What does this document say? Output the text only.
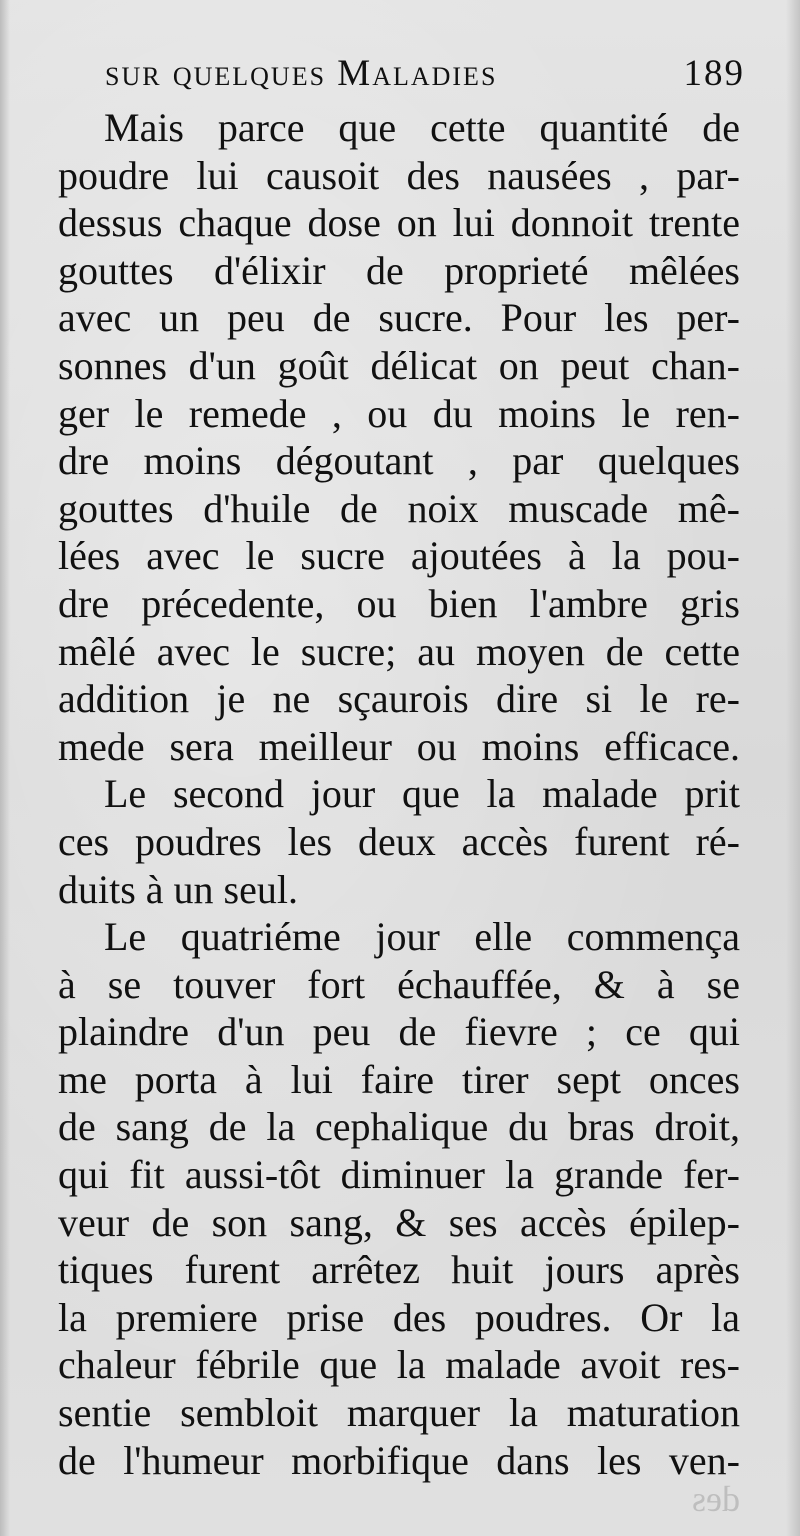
sur quelques Maladies	189
Mais parce que cette quantité de
poudre lui causoit des nausées , par-
dessus chaque dose on lui donnoit trente
gouttes d'élixir de proprieté mêlées
avec un peu de sucre. Pour les per-
sonnes d'un goût délicat on peut chan-
ger le remede , ou du moins le ren-
dre moins dégoutant , par quelques
gouttes d'huile de noix muscade mê-
lées avec le sucre ajoutées à la pou-
dre précedente, ou bien l'ambre gris
mêlé avec le sucre; au moyen de cette
addition je ne sçaurois dire si le re-
mede sera meilleur ou moins efficace.
Le second jour que la malade prit
ces poudres les deux accès furent ré-
duits à un seul.
Le quatriéme jour elle commença
à se touver fort échauffée, & à se
plaindre d'un peu de fievre ; ce qui
me porta à lui faire tirer sept onces
de sang de la cephalique du bras droit,
qui fit aussi-tôt diminuer la grande fer-
veur de son sang, & ses accès épilep-
tiques furent arrêtez huit jours après
la premiere prise des poudres. Or la
chaleur fébrile que la malade avoit res-
sentie sembloit marquer la maturation
de l'humeur morbifique dans les ven-
des
